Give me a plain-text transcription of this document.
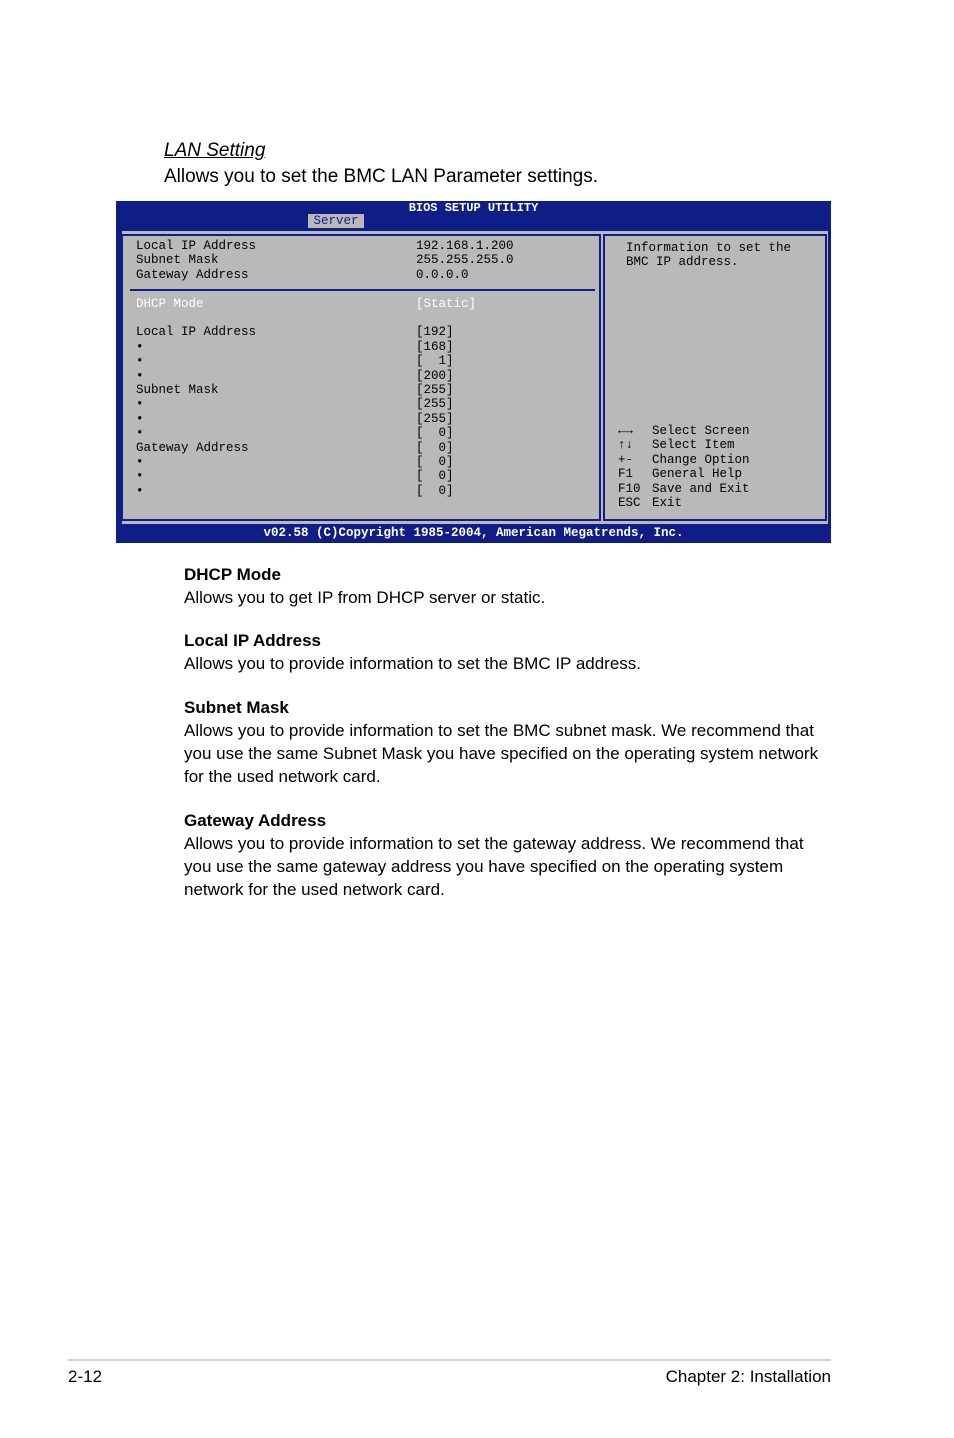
LAN Setting
Allows you to set the BMC LAN Parameter settings.
BIOS SETUP UTILITY
Server
Local IP Address	192.168.1.200
Subnet Mask	255.255.255.0
Gateway Address	0.0.0.0
DHCP Mode	[Static]
Local IP Address	[192]
•	[168]
•	[  1]
•	[200]
Subnet Mask	[255]
•	[255]
•	[255]
•	[  0]
Gateway Address	[  0]
•	[  0]
•	[  0]
•	[  0]
Information to set the BMC IP address.
←→ Select Screen
↑↓ Select Item
+- Change Option
F1 General Help
F10 Save and Exit
ESC Exit
v02.58 (C)Copyright 1985-2004, American Megatrends, Inc.
DHCP Mode

Allows you to get IP from DHCP server or static.

Local IP Address

Allows you to provide information to set the BMC IP address.

Subnet Mask

Allows you to provide information to set the BMC subnet mask. We recommend that you use the same Subnet Mask you have specified on the operating system network for the used network card.

Gateway Address

Allows you to provide information to set the gateway address. We recommend that you use the same gateway address you have specified on the operating system network for the used network card.

2-12	Chapter 2: Installation
